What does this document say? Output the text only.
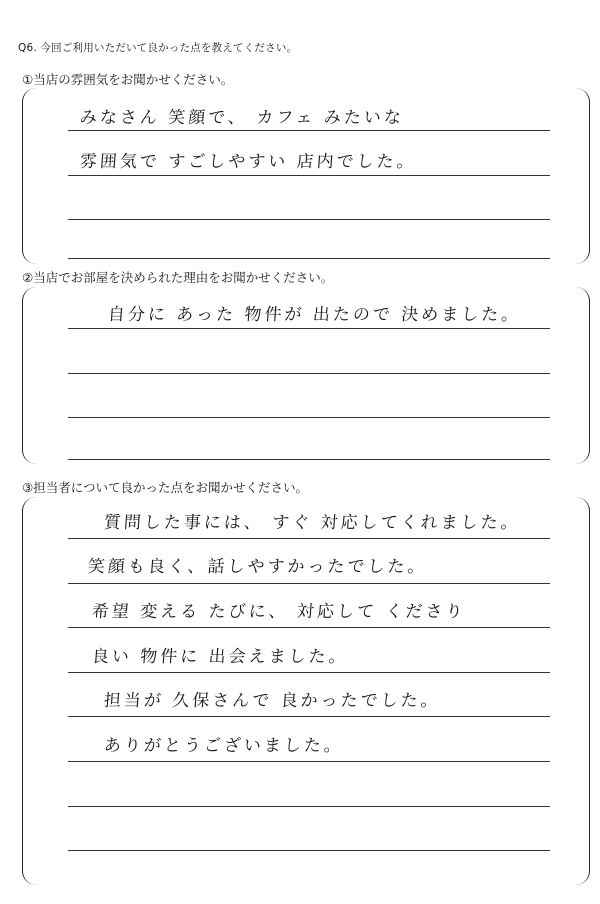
Q6. 今回ご利用いただいて良かった点を教えてください。
①当店の雰囲気をお聞かせください。
みなさん 笑顔で、 カフェ みたいな
雰囲気で すごしやすい 店内でした。
②当店でお部屋を決められた理由をお聞かせください。
自分に あった 物件が 出たので 決めました。
③担当者について良かった点をお聞かせください。
質問した事には、 すぐ 対応してくれました。
笑顔も良く、話しやすかったでした。
希望 変える たびに、 対応して くださり
良い 物件に 出会えました。
担当が 久保さんで 良かったでした。
ありがとうございました。
